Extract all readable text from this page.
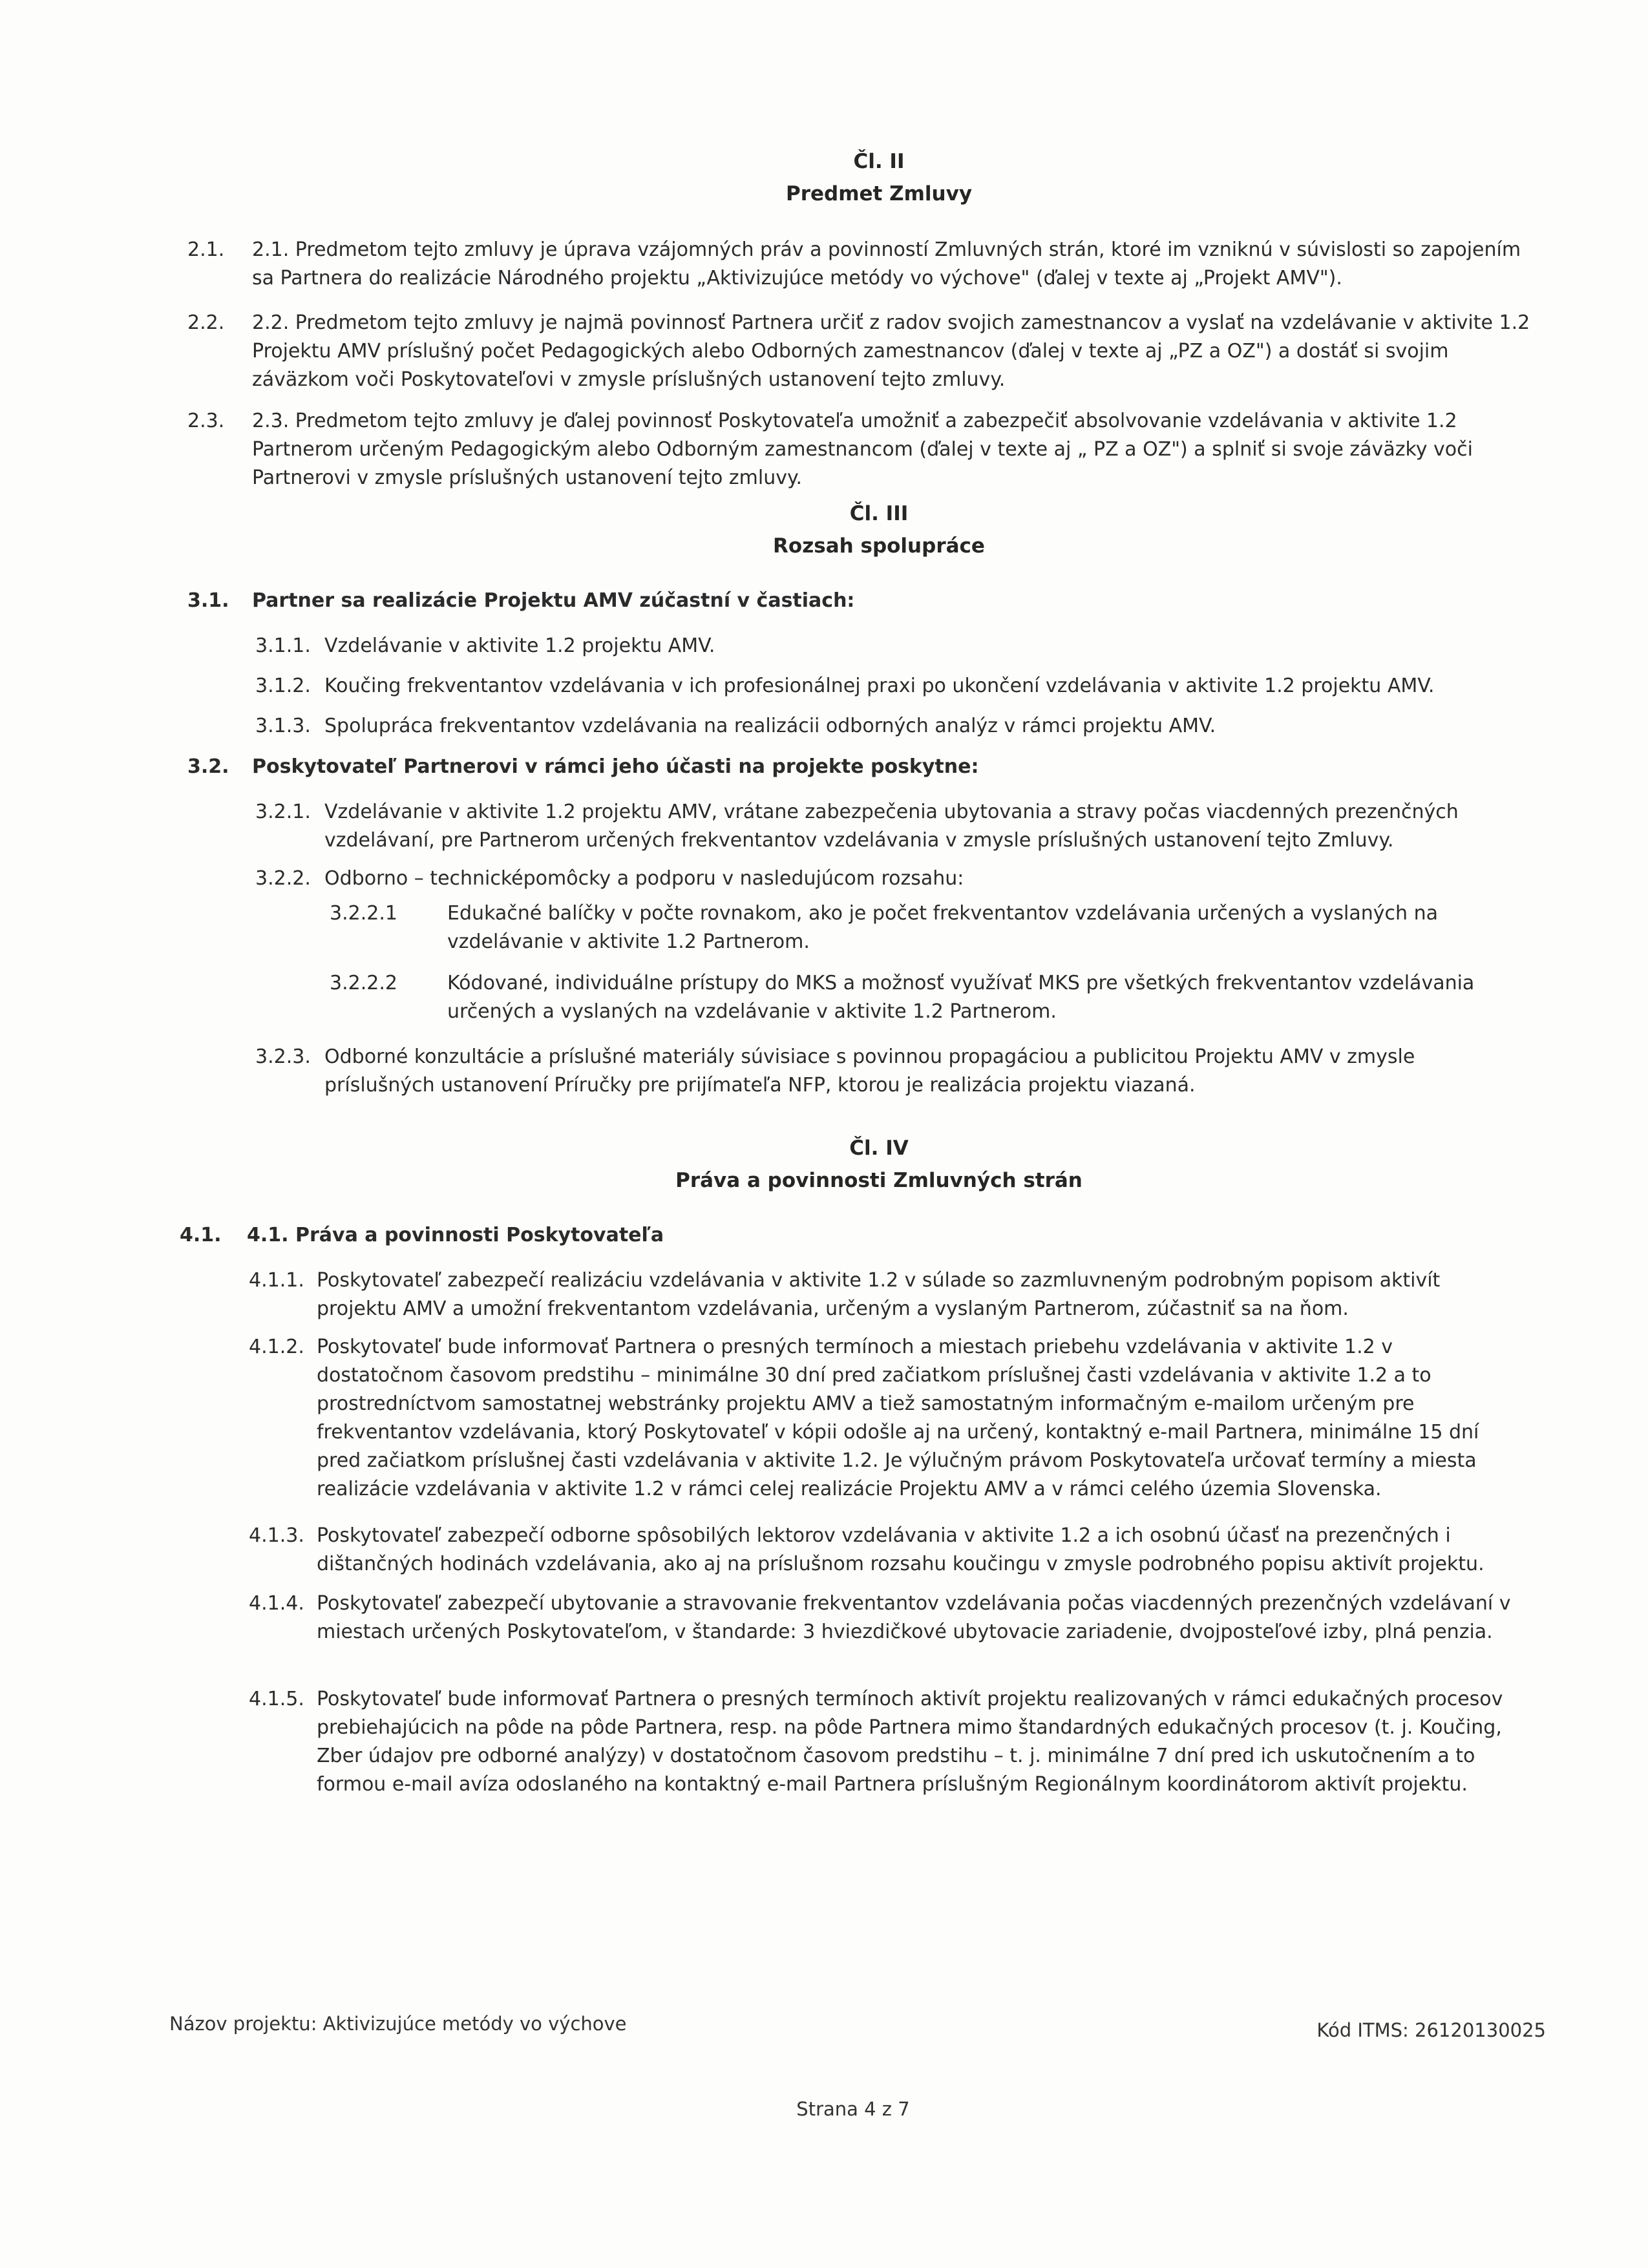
Čl. II
Predmet Zmluvy
2.1. 2.1. Predmetom tejto zmluvy je úprava vzájomných práv a povinností Zmluvných strán, ktoré im vzniknú v súvislosti so zapojením sa Partnera do realizácie Národného projektu „Aktivizujúce metódy vo výchove" (ďalej v texte aj „Projekt AMV").
2.2. 2.2. Predmetom tejto zmluvy je najmä povinnosť Partnera určiť z radov svojich zamestnancov a vyslať na vzdelávanie v aktivite 1.2 Projektu AMV príslušný počet Pedagogických alebo Odborných zamestnancov (ďalej v texte aj „PZ a OZ") a dostáť si svojim záväzkom voči Poskytovateľovi v zmysle príslušných ustanovení tejto zmluvy.
2.3. 2.3. Predmetom tejto zmluvy je ďalej povinnosť Poskytovateľa umožniť a zabezpečiť absolvovanie vzdelávania v aktivite 1.2 Partnerom určeným Pedagogickým alebo Odborným zamestnancom (ďalej v texte aj „ PZ a OZ") a splniť si svoje záväzky voči Partnerovi v zmysle príslušných ustanovení tejto zmluvy.
Čl. III
Rozsah spolupráce
3.1. Partner sa realizácie Projektu AMV zúčastní v častiach:
3.1.1. Vzdelávanie v aktivite 1.2 projektu AMV.
3.1.2. Koučing frekventantov vzdelávania v ich profesionálnej praxi po ukončení vzdelávania v aktivite 1.2 projektu AMV.
3.1.3. Spolupráca frekventantov vzdelávania na realizácii odborných analýz v rámci projektu AMV.
3.2. Poskytovateľ Partnerovi v rámci jeho účasti na projekte poskytne:
3.2.1. Vzdelávanie v aktivite 1.2 projektu AMV, vrátane zabezpečenia ubytovania a stravy počas viacdenných prezenčných vzdelávaní, pre Partnerom určených frekventantov vzdelávania v zmysle príslušných ustanovení tejto Zmluvy.
3.2.2. Odborno – technicképomôcky a podporu v nasledujúcom rozsahu:
3.2.2.1	Edukačné balíčky v počte rovnakom, ako je počet frekventantov vzdelávania určených a vyslaných na vzdelávanie v aktivite 1.2 Partnerom.
3.2.2.2	Kódované, individuálne prístupy do MKS a možnosť využívať MKS pre všetkých frekventantov vzdelávania určených a vyslaných na vzdelávanie v aktivite 1.2 Partnerom.
3.2.3. Odborné konzultácie a príslušné materiály súvisiace s povinnou propagáciou a publicitou Projektu AMV v zmysle príslušných ustanovení Príručky pre prijímateľa NFP, ktorou je realizácia projektu viazaná.
Čl. IV
Práva a povinnosti Zmluvných strán
4.1. 4.1. Práva a povinnosti Poskytovateľa
4.1.1. Poskytovateľ zabezpečí realizáciu vzdelávania v aktivite 1.2 v súlade so zazmluvneným podrobným popisom aktivít projektu AMV a umožní frekventantom vzdelávania, určeným a vyslaným Partnerom, zúčastniť sa na ňom.
4.1.2. Poskytovateľ bude informovať Partnera o presných termínoch a miestach priebehu vzdelávania v aktivite 1.2 v dostatočnom časovom predstihu – minimálne 30 dní pred začiatkom príslušnej časti vzdelávania v aktivite 1.2 a to prostredníctvom samostatnej webstránky projektu AMV a tiež samostatným informačným e-mailom určeným pre frekventantov vzdelávania, ktorý Poskytovateľ v kópii odošle aj na určený, kontaktný e-mail Partnera, minimálne 15 dní pred začiatkom príslušnej časti vzdelávania v aktivite 1.2. Je výlučným právom Poskytovateľa určovať termíny a miesta realizácie vzdelávania v aktivite 1.2 v rámci celej realizácie Projektu AMV a v rámci celého územia Slovenska.
4.1.3. Poskytovateľ zabezpečí odborne spôsobilých lektorov vzdelávania v aktivite 1.2 a ich osobnú účasť na prezenčných i dištančných hodinách vzdelávania, ako aj na príslušnom rozsahu koučingu v zmysle podrobného popisu aktivít projektu.
4.1.4. Poskytovateľ zabezpečí ubytovanie a stravovanie frekventantov vzdelávania počas viacdenných prezenčných vzdelávaní v miestach určených Poskytovateľom, v štandarde: 3 hviezdičkové ubytovacie zariadenie, dvojposteľové izby, plná penzia.
4.1.5. Poskytovateľ bude informovať Partnera o presných termínoch aktivít projektu realizovaných v rámci edukačných procesov prebiehajúcich na pôde na pôde Partnera, resp. na pôde Partnera mimo štandardných edukačných procesov (t. j. Koučing, Zber údajov pre odborné analýzy) v dostatočnom časovom predstihu – t. j. minimálne 7 dní pred ich uskutočnením a to formou e-mail avíza odoslaného na kontaktný e-mail Partnera príslušným Regionálnym koordinátorom aktivít projektu.
Názov projektu: Aktivizujúce metódy vo výchove	Kód ITMS: 26120130025
Strana 4 z 7
